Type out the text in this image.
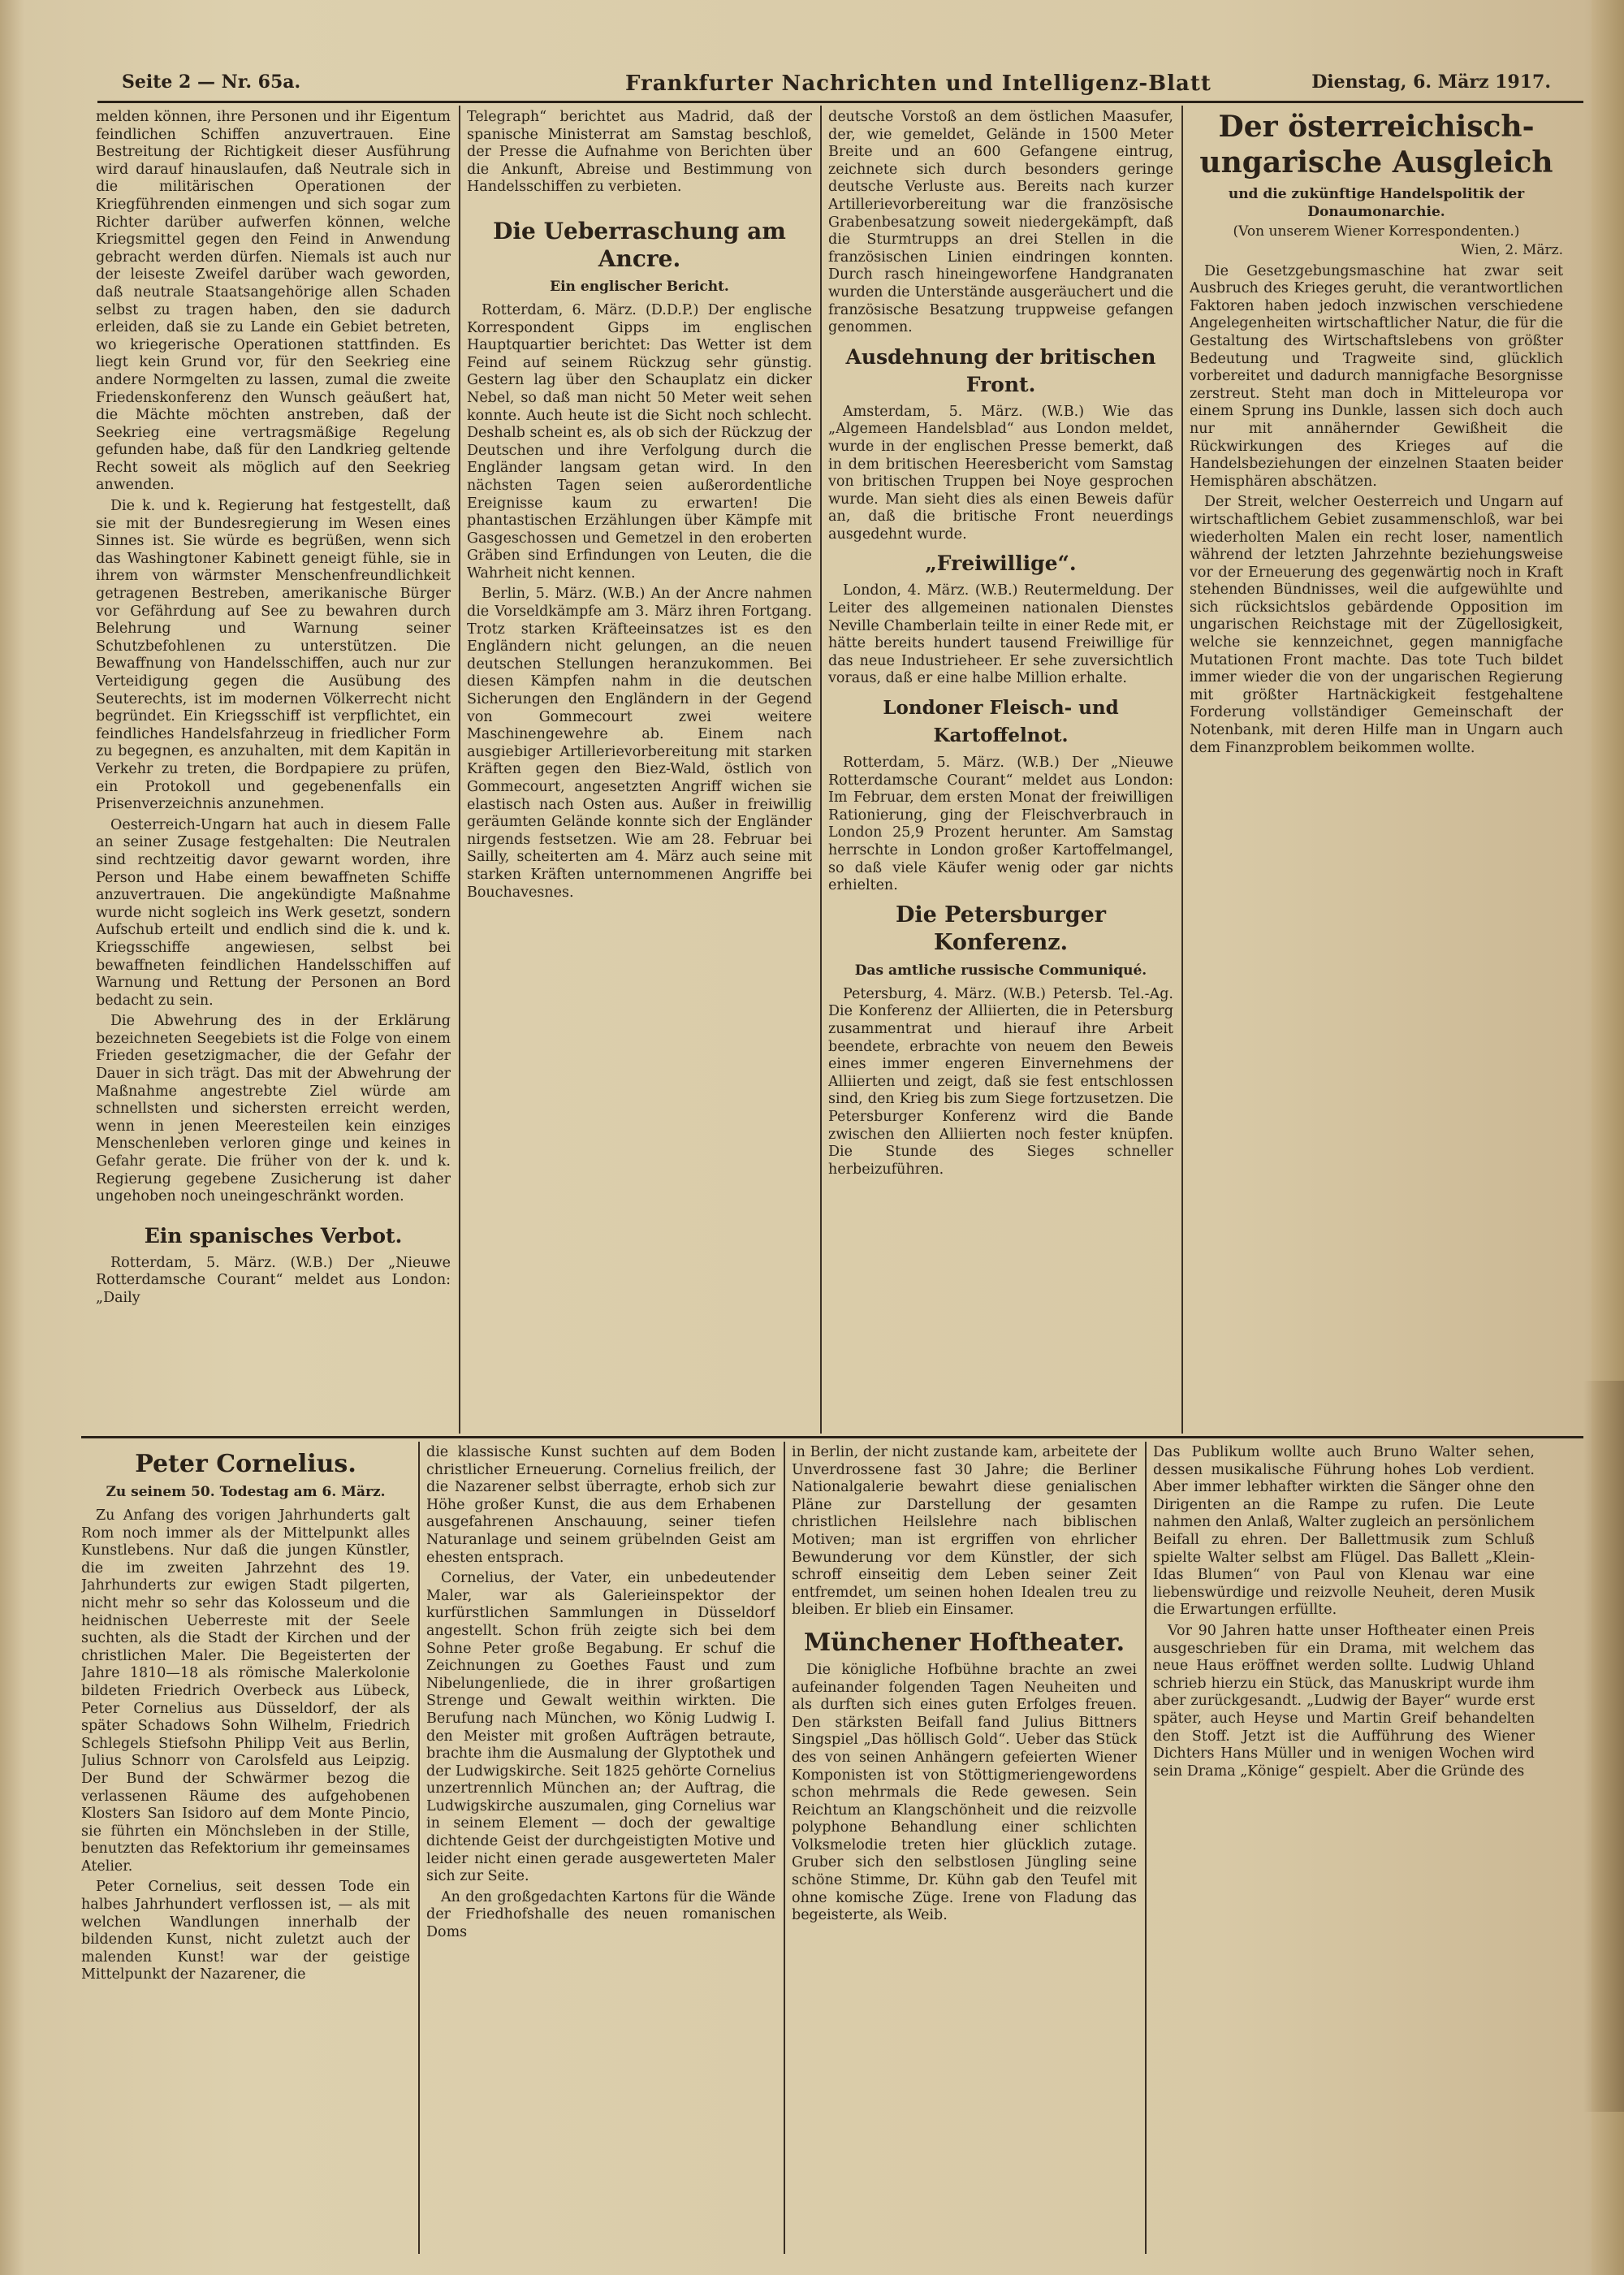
Seite 2 — Nr. 65a.	Frankfurter Nachrichten und Intelligenz-Blatt	Dienstag, 6. März 1917.

melden können, ihre Personen und ihr Eigentum feindlichen Schiffen anzuvertrauen. Eine Bestreitung der Richtigkeit dieser Ausführung wird darauf hinauslaufen, daß Neutrale sich in die militärischen Operationen der Kriegführenden einmengen und sich sogar zum Richter darüber aufwerfen können, welche Kriegsmittel gegen den Feind in Anwendung gebracht werden dürfen. Niemals ist auch nur der leiseste Zweifel darüber wach geworden, daß neutrale Staatsangehörige allen Schaden selbst zu tragen haben, den sie dadurch erleiden, daß sie zu Lande ein Gebiet betreten, wo kriegerische Operationen stattfinden. Es liegt kein Grund vor, für den Seekrieg eine andere Normgelten zu lassen, zumal die zweite Friedenskonferenz den Wunsch geäußert hat, die Mächte möchten anstreben, daß der Seekrieg eine vertragsmäßige Regelung gefunden habe, daß für den Landkrieg geltende Recht soweit als möglich auf den Seekrieg anwenden.

Die k. und k. Regierung hat festgestellt, daß sie mit der Bundesregierung im Wesen eines Sinnes ist. Sie würde es begrüßen, wenn sich das Washingtoner Kabinett geneigt fühle, sie in ihrem von wärmster Menschenfreundlichkeit getragenen Bestreben, amerikanische Bürger vor Gefährdung auf See zu bewahren durch Belehrung und Warnung seiner Schutzbefohlenen zu unterstützen. Die Bewaffnung von Handelsschiffen, auch nur zur Verteidigung gegen die Ausübung des Seuterechts, ist im modernen Völkerrecht nicht begründet. Ein Kriegsschiff ist verpflichtet, ein feindliches Handelsfahrzeug in friedlicher Form zu begegnen, es anzuhalten, mit dem Kapitän in Verkehr zu treten, die Bordpapiere zu prüfen, ein Protokoll und gegebenenfalls ein Prisenverzeichnis anzunehmen.

Oesterreich-Ungarn hat auch in diesem Falle an seiner Zusage festgehalten: Die Neutralen sind rechtzeitig davor gewarnt worden, ihre Person und Habe einem bewaffneten Schiffe anzuvertrauen. Die angekündigte Maßnahme wurde nicht sogleich ins Werk gesetzt, sondern Aufschub erteilt und endlich sind die k. und k. Kriegsschiffe angewiesen, selbst bei bewaffneten feindlichen Handelsschiffen auf Warnung und Rettung der Personen an Bord bedacht zu sein.

Die Abwehrung des in der Erklärung bezeichneten Seegebiets ist die Folge von einem Frieden gesetzigmacher, die der Gefahr der Dauer in sich trägt. Das mit der Abwehrung der Maßnahme angestrebte Ziel würde am schnellsten und sichersten erreicht werden, wenn in jenen Meeresteilen kein einziges Menschenleben verloren ginge und keines in Gefahr gerate. Die früher von der k. und k. Regierung gegebene Zusicherung ist daher ungehoben noch uneingeschränkt worden.

Ein spanisches Verbot.

Rotterdam, 5. März. (W.B.) Der „Nieuwe Rotterdamsche Courant“ meldet aus London: „Daily

Telegraph“ berichtet aus Madrid, daß der spanische Ministerrat am Samstag beschloß, der Presse die Aufnahme von Berichten über die Ankunft, Abreise und Bestimmung von Handelsschiffen zu verbieten.

Die Ueberraschung am Ancre.
Ein englischer Bericht.

Rotterdam, 6. März. (D.D.P.) Der englische Korrespondent Gipps im englischen Hauptquartier berichtet: Das Wetter ist dem Feind auf seinem Rückzug sehr günstig. Gestern lag über den Schauplatz ein dicker Nebel, so daß man nicht 50 Meter weit sehen konnte. Auch heute ist die Sicht noch schlecht. Deshalb scheint es, als ob sich der Rückzug der Deutschen und ihre Verfolgung durch die Engländer langsam getan wird. In den nächsten Tagen seien außerordentliche Ereignisse kaum zu erwarten! Die phantastischen Erzählungen über Kämpfe mit Gasgeschossen und Gemetzel in den eroberten Gräben sind Erfindungen von Leuten, die die Wahrheit nicht kennen.

Berlin, 5. März. (W.B.) An der Ancre nahmen die Vorseldkämpfe am 3. März ihren Fortgang. Trotz starken Kräfteeinsatzes ist es den Engländern nicht gelungen, an die neuen deutschen Stellungen heranzukommen. Bei diesen Kämpfen nahm in die deutschen Sicherungen den Engländern in der Gegend von Gommecourt zwei weitere Maschinengewehre ab. Einem nach ausgiebiger Artillerievorbereitung mit starken Kräften gegen den Biez-Wald, östlich von Gommecourt, angesetzten Angriff wichen sie elastisch nach Osten aus. Außer in freiwillig geräumten Gelände konnte sich der Engländer nirgends festsetzen. Wie am 28. Februar bei Sailly, scheiterten am 4. März auch seine mit starken Kräften unternommenen Angriffe bei Bouchavesnes.

deutsche Vorstoß an dem östlichen Maasufer, der, wie gemeldet, Gelände in 1500 Meter Breite und an 600 Gefangene eintrug, zeichnete sich durch besonders geringe deutsche Verluste aus. Bereits nach kurzer Artillerievorbereitung war die französische Grabenbesatzung soweit niedergekämpft, daß die Sturmtrupps an drei Stellen in die französischen Linien eindringen konnten. Durch rasch hineingeworfene Handgranaten wurden die Unterstände ausgeräuchert und die französische Besatzung truppweise gefangen genommen.

Ausdehnung der britischen Front.

Amsterdam, 5. März. (W.B.) Wie das „Algemeen Handelsblad“ aus London meldet, wurde in der englischen Presse bemerkt, daß in dem britischen Heeresbericht vom Samstag von britischen Truppen bei Noye gesprochen wurde. Man sieht dies als einen Beweis dafür an, daß die britische Front neuerdings ausgedehnt wurde.

„Freiwillige“.

London, 4. März. (W.B.) Reutermeldung. Der Leiter des allgemeinen nationalen Dienstes Neville Chamberlain teilte in einer Rede mit, er hätte bereits hundert tausend Freiwillige für das neue Industrieheer. Er sehe zuversichtlich voraus, daß er eine halbe Million erhalte.

Londoner Fleisch- und Kartoffelnot.

Rotterdam, 5. März. (W.B.) Der „Nieuwe Rotterdamsche Courant“ meldet aus London: Im Februar, dem ersten Monat der freiwilligen Rationierung, ging der Fleischverbrauch in London 25,9 Prozent herunter. Am Samstag herrschte in London großer Kartoffelmangel, so daß viele Käufer wenig oder gar nichts erhielten.

Die Petersburger Konferenz.
Das amtliche russische Communiqué.

Petersburg, 4. März. (W.B.) Petersb. Tel.-Ag. Die Konferenz der Alliierten, die in Petersburg zusammentrat und hierauf ihre Arbeit beendete, erbrachte von neuem den Beweis eines immer engeren Einvernehmens der Alliierten und zeigt, daß sie fest entschlossen sind, den Krieg bis zum Siege fortzusetzen. Die Petersburger Konferenz wird die Bande zwischen den Alliierten noch fester knüpfen. Die Stunde des Sieges schneller herbeizuführen.

Der österreichisch-ungarische Ausgleich
und die zukünftige Handelspolitik der Donaumonarchie.
(Von unserem Wiener Korrespondenten.)
Wien, 2. März.

Die Gesetzgebungsmaschine hat zwar seit Ausbruch des Krieges geruht, die verantwortlichen Faktoren haben jedoch inzwischen verschiedene Angelegenheiten wirtschaftlicher Natur, die für die Gestaltung des Wirtschaftslebens von größter Bedeutung und Tragweite sind, glücklich vorbereitet und dadurch mannigfache Besorgnisse zerstreut. Steht man doch in Mitteleuropa vor einem Sprung ins Dunkle, lassen sich doch auch nur mit annähernder Gewißheit die Rückwirkungen des Krieges auf die Handelsbeziehungen der einzelnen Staaten beider Hemisphären abschätzen.

Der Streit, welcher Oesterreich und Ungarn auf wirtschaftlichem Gebiet zusammenschloß, war bei wiederholten Malen ein recht loser, namentlich während der letzten Jahrzehnte beziehungsweise vor der Erneuerung des gegenwärtig noch in Kraft stehenden Bündnisses, weil die aufgewühlte und sich rücksichtslos gebärdende Opposition im ungarischen Reichstage mit der Zügellosigkeit, welche sie kennzeichnet, gegen mannigfache Mutationen Front machte. Das tote Tuch bildet immer wieder die von der ungarischen Regierung mit größter Hartnäckigkeit festgehaltene Forderung vollständiger Gemeinschaft der Notenbank, mit deren Hilfe man in Ungarn auch dem Finanzproblem beikommen wollte.

Peter Cornelius.
Zu seinem 50. Todestag am 6. März.

Zu Anfang des vorigen Jahrhunderts galt Rom noch immer als der Mittelpunkt alles Kunstlebens. Nur daß die jungen Künstler, die im zweiten Jahrzehnt des 19. Jahrhunderts zur ewigen Stadt pilgerten, nicht mehr so sehr das Kolosseum und die heidnischen Ueberreste mit der Seele suchten, als die Stadt der Kirchen und der christlichen Maler. Die Begeisterten der Jahre 1810—18 als römische Malerkolonie bildeten Friedrich Overbeck aus Lübeck, Peter Cornelius aus Düsseldorf, der als später Schadows Sohn Wilhelm, Friedrich Schlegels Stiefsohn Philipp Veit aus Berlin, Julius Schnorr von Carolsfeld aus Leipzig. Der Bund der Schwärmer bezog die verlassenen Räume des aufgehobenen Klosters San Isidoro auf dem Monte Pincio, sie führten ein Mönchsleben in der Stille, benutzten das Refektorium ihr gemeinsames Atelier.

Peter Cornelius, seit dessen Tode ein halbes Jahrhundert verflossen ist, — als mit welchen Wandlungen innerhalb der bildenden Kunst, nicht zuletzt auch der malenden Kunst! war der geistige Mittelpunkt der Nazarener, die

die klassische Kunst suchten auf dem Boden christlicher Erneuerung. Cornelius freilich, der die Nazarener selbst überragte, erhob sich zur Höhe großer Kunst, die aus dem Erhabenen ausgefahrenen Anschauung, seiner tiefen Naturanlage und seinem grübelnden Geist am ehesten entsprach.

Cornelius, der Vater, ein unbedeutender Maler, war als Galerieinspektor der kurfürstlichen Sammlungen in Düsseldorf angestellt. Schon früh zeigte sich bei dem Sohne Peter große Begabung. Er schuf die Zeichnungen zu Goethes Faust und zum Nibelungenliede, die in ihrer großartigen Strenge und Gewalt weithin wirkten. Die Berufung nach München, wo König Ludwig I. den Meister mit großen Aufträgen betraute, brachte ihm die Ausmalung der Glyptothek und der Ludwigskirche. Seit 1825 gehörte Cornelius unzertrennlich München an; der Auftrag, die Ludwigskirche auszumalen, ging Cornelius war in seinem Element — doch der gewaltige dichtende Geist der durchgeistigten Motive und leider nicht einen gerade ausgewerteten Maler sich zur Seite.

An den großgedachten Kartons für die Wände der Friedhofshalle des neuen romanischen Doms

in Berlin, der nicht zustande kam, arbeitete der Unverdrossene fast 30 Jahre; die Berliner Nationalgalerie bewahrt diese genialischen Pläne zur Darstellung der gesamten christlichen Heilslehre nach biblischen Motiven; man ist ergriffen von ehrlicher Bewunderung vor dem Künstler, der sich schroff einseitig dem Leben seiner Zeit entfremdet, um seinen hohen Idealen treu zu bleiben. Er blieb ein Einsamer.

Münchener Hoftheater.

Die königliche Hofbühne brachte an zwei aufeinander folgenden Tagen Neuheiten und als durften sich eines guten Erfolges freuen. Den stärksten Beifall fand Julius Bittners Singspiel „Das höllisch Gold“. Ueber das Stück des von seinen Anhängern gefeierten Wiener Komponisten ist von Stöttigmeriengewordens schon mehrmals die Rede gewesen. Sein Reichtum an Klangschönheit und die reizvolle polyphone Behandlung einer schlichten Volksmelodie treten hier glücklich zutage. Gruber sich den selbstlosen Jüngling seine schöne Stimme, Dr. Kühn gab den Teufel mit ohne komische Züge. Irene von Fladung das begeisterte, als Weib.

Das Publikum wollte auch Bruno Walter sehen, dessen musikalische Führung hohes Lob verdient. Aber immer lebhafter wirkten die Sänger ohne den Dirigenten an die Rampe zu rufen. Die Leute nahmen den Anlaß, Walter zugleich an persönlichem Beifall zu ehren. Der Ballettmusik zum Schluß spielte Walter selbst am Flügel. Das Ballett „Klein-Idas Blumen“ von Paul von Klenau war eine liebenswürdige und reizvolle Neuheit, deren Musik die Erwartungen erfüllte.

Vor 90 Jahren hatte unser Hoftheater einen Preis ausgeschrieben für ein Drama, mit welchem das neue Haus eröffnet werden sollte. Ludwig Uhland schrieb hierzu ein Stück, das Manuskript wurde ihm aber zurückgesandt. „Ludwig der Bayer“ wurde erst später, auch Heyse und Martin Greif behandelten den Stoff. Jetzt ist die Aufführung des Wiener Dichters Hans Müller und in wenigen Wochen wird sein Drama „Könige“ gespielt. Aber die Gründe des
